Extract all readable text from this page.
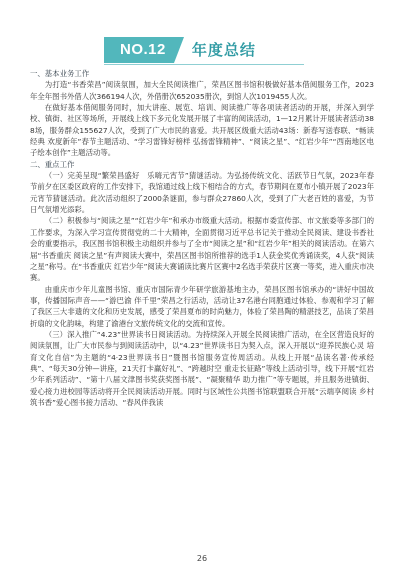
NO.12	年度总结

一、基本业务工作

为打造“书香荣昌”阅读氛围，加大全民阅读推广，荣昌区图书馆积极做好基本借阅服务工作，2023年全年图书外借人次366194人次，外借册次652035册次，到馆人次1019455人次。

在做好基本借阅服务同时，加大讲座、展览、培训、阅读推广等各项读者活动的开展，并深入到学校、镇街、社区等场所，开展线上线下多元化发展开展了丰富的阅读活动，1—12月累计开展读者活动388场，服务群众155627人次，受到了广大市民的喜爱。共开展区级重大活动43场：新春写送春联、“畅读经典 欢度新年”春节主题活动、“学习雷锋好榜样 弘扬雷锋精神”、“阅读之星”、“红岩少年”“西南地区电子绘本创作”主题活动等。

二、重点工作

（一）完美呈现“繁荣昌盛好　乐嗨元宵节”猜谜活动。为弘扬传统文化、活跃节日气氛，2023年春节前夕在区委区政府的工作安排下，我馆通过线上线下相结合的方式，春节期间在夏布小镇开展了2023年元宵节猜谜活动。此次活动组织了2000条谜面，参与群众27860人次，受到了广大老百姓的喜爱，为节日气氛增光添彩。

（二）积极参与“阅读之星”“红岩少年”和承办市级重大活动。根据市委宣传部、市文旅委等多部门的工作要求，为深入学习宣传贯彻党的二十大精神，全面贯彻习近平总书记关于推动全民阅读、建设书香社会的重要指示，我区图书馆积极主动组织并参与了全市“阅读之星”和“红岩少年”相关的阅读活动。在第六届“书香重庆 阅读之星”有声阅读大赛中，荣昌区图书馆所推荐的选手1人获金奖优秀诵读奖，4人获“阅读之星”称号。在“书香重庆 红岩少年”阅读大赛诵读比赛片区赛中2名选手荣获片区赛一等奖，进入重庆市决赛。

由重庆市少年儿童图书馆、重庆市国际青少年研学旅游基地主办，荣昌区图书馆承办的“讲好中国故事，传播国际声音——“游巴渝 伴千里”荣昌之行活动，活动让37名港台同胞通过体验、参观和学习了解了我区三大非遗的文化和历史发展，感受了荣昌夏布的时尚魅力，体验了荣昌陶的精湛技艺，品读了荣昌折扇的文化韵味，构建了渝港台文旅传统文化的交流和宣传。

（三）深入推广“4.23”世界读书日阅读活动。为持续深入开展全民阅读推广活动，在全区营造良好的阅读氛围，让广大市民参与到阅读活动中，以“4.23”世界读书日为契入点，深入开展以“迎养民族心灵 培育文化自信”为主题的“4·23世界读书日”暨图书馆服务宣传周活动。从线上开展“品读名著·传承经典”、“每天30分钟—讲座，21天打卡赢好礼”、“跨越时空 重走长征路”等线上活动引导，线下开展“红岩少年系列活动”、“第十八届文津图书奖获奖图书展”、“凝聚精华 助力推广”等专题展，并且服务进镇街、爱心接力进校园等活动将开全民阅读活动开展。同时与区域性公共图书馆联盟联合开展“云端享阅读 乡村筑书香”爱心图书接力活动、“春风伴我读

26
